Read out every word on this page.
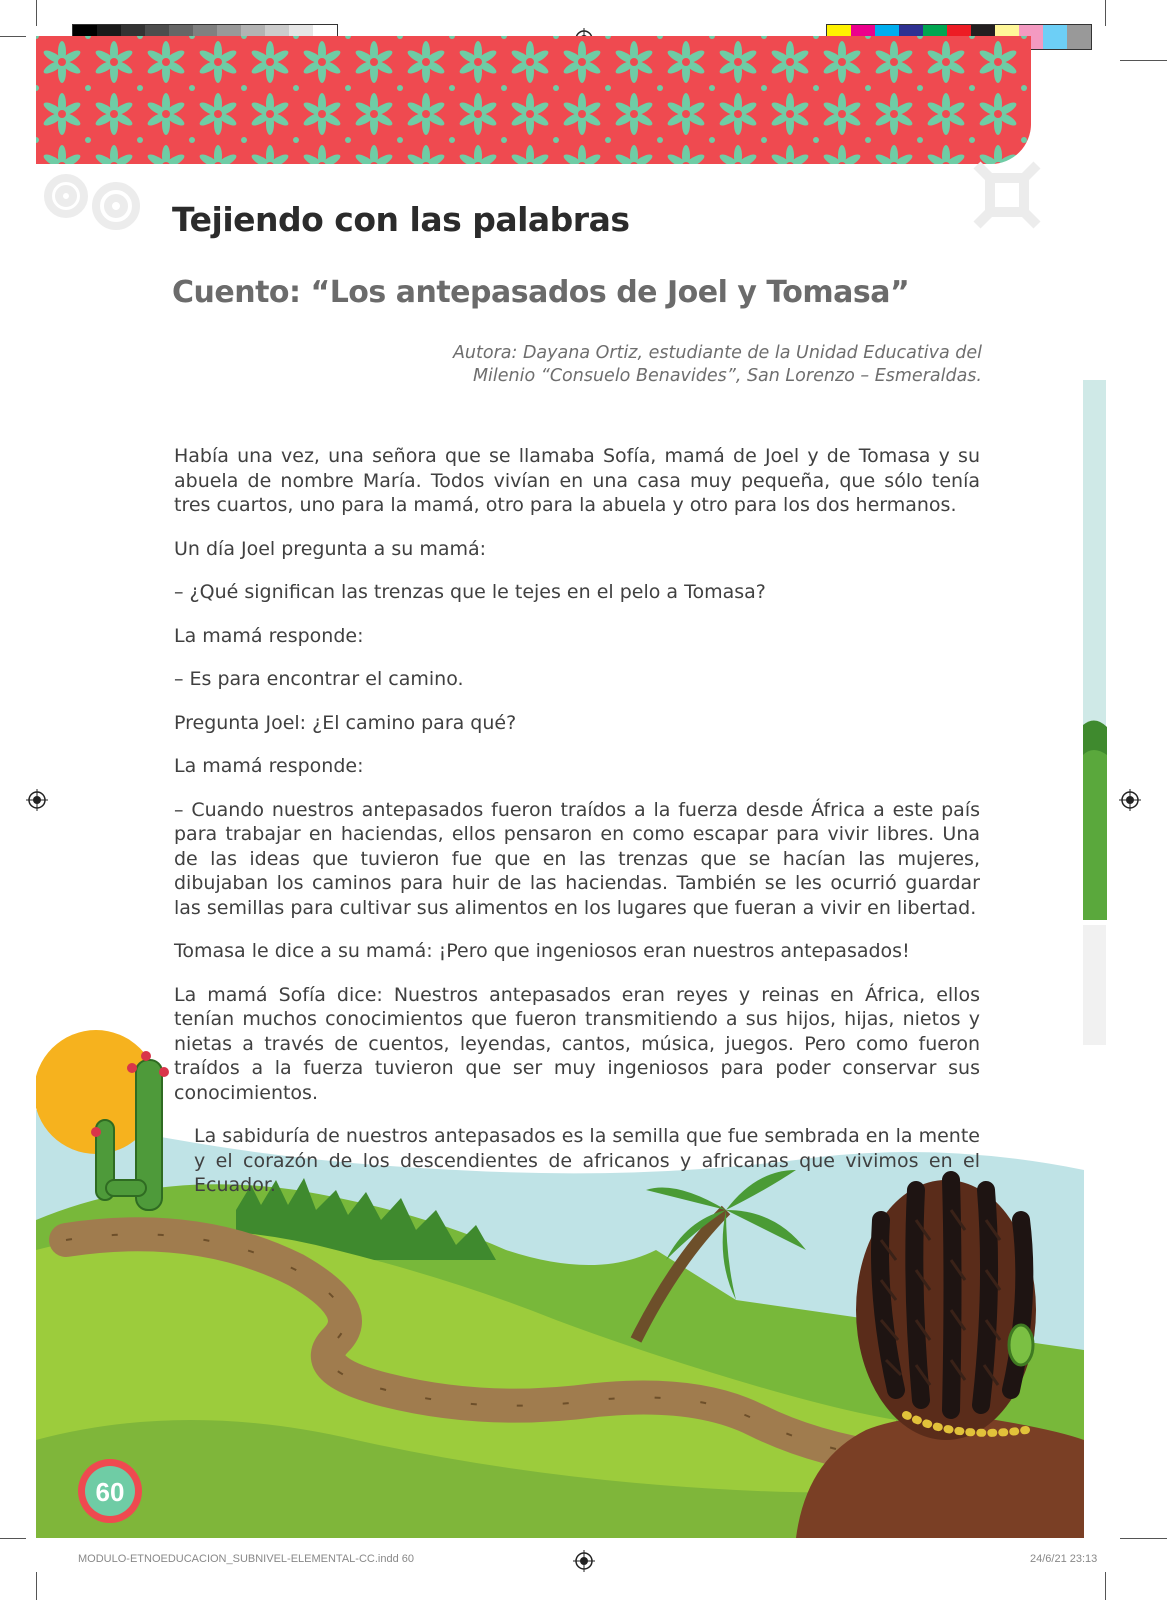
Tejiendo con las palabras
Cuento: “Los antepasados de Joel y Tomasa”
Autora: Dayana Ortiz, estudiante de la Unidad Educativa del
Milenio “Consuelo Benavides”, San Lorenzo – Esmeraldas.

Había una vez, una señora que se llamaba Sofía, mamá de Joel y de Tomasa y su abuela de nombre María. Todos vivían en una casa muy pequeña, que sólo tenía tres cuartos, uno para la mamá, otro para la abuela y otro para los dos hermanos.

Un día Joel pregunta a su mamá:

– ¿Qué significan las trenzas que le tejes en el pelo a Tomasa?

La mamá responde:

– Es para encontrar el camino.

Pregunta Joel: ¿El camino para qué?

La mamá responde:

– Cuando nuestros antepasados fueron traídos a la fuerza desde África a este país para trabajar en haciendas, ellos pensaron en como escapar para vivir libres. Una de las ideas que tuvieron fue que en las trenzas que se hacían las mujeres, dibujaban los caminos para huir de las haciendas. También se les ocurrió guardar las semillas para cultivar sus alimentos en los lugares que fueran a vivir en libertad.

Tomasa le dice a su mamá: ¡Pero que ingeniosos eran nuestros antepasados!

La mamá Sofía dice: Nuestros antepasados eran reyes y reinas en África, ellos tenían muchos conocimientos que fueron transmitiendo a sus hijos, hijas, nietos y nietas a través de cuentos, leyendas, cantos, música, juegos. Pero como fueron traídos a la fuerza tuvieron que ser muy ingeniosos para poder conservar sus conocimientos.

La sabiduría de nuestros antepasados es la semilla que fue sembrada en la mente y el corazón de los descendientes de africanos y africanas que vivimos en el Ecuador.

60
MODULO-ETNOEDUCACION_SUBNIVEL-ELEMENTAL-CC.indd 60	24/6/21 23:13
